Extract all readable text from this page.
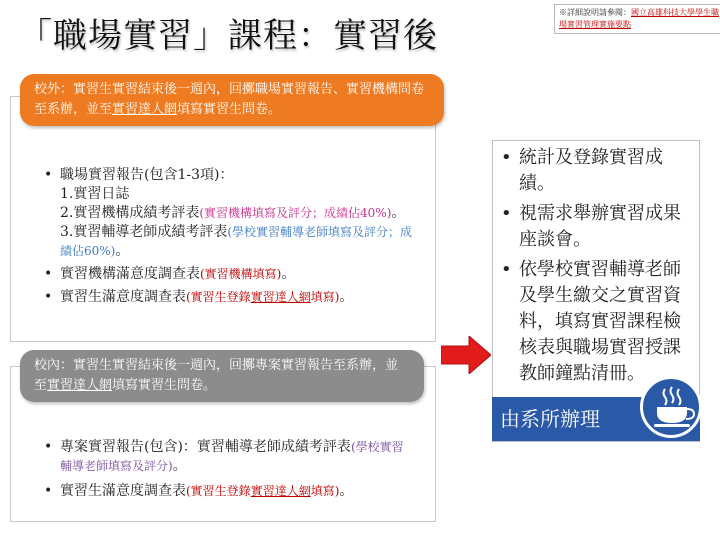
「職場實習」課程：實習後
※詳細說明請參閱：國立高雄科技大學學生職場實習管理實施要點
校外：實習生實習結束後一週內，回擲職場實習報告、實習機構問卷至系辦，並至實習達人網填寫實習生問卷。
• 職場實習報告(包含1-3項)：
1.實習日誌
2.實習機構成績考評表(實習機構填寫及評分；成績佔40%)。
3.實習輔導老師成績考評表(學校實習輔導老師填寫及評分；成績佔60%)。
• 實習機構滿意度調查表(實習機構填寫)。
• 實習生滿意度調查表(實習生登錄實習達人網填寫)。
校內：實習生實習結束後一週內，回擲專案實習報告至系辦，並至實習達人網填寫實習生問卷。
• 專案實習報告(包含)：實習輔導老師成績考評表(學校實習輔導老師填寫及評分)。
• 實習生滿意度調查表(實習生登錄實習達人網填寫)。
• 統計及登錄實習成績。
• 視需求舉辦實習成果座談會。
• 依學校實習輔導老師及學生繳交之實習資料，填寫實習課程檢核表與職場實習授課教師鐘點清冊。
由系所辦理
